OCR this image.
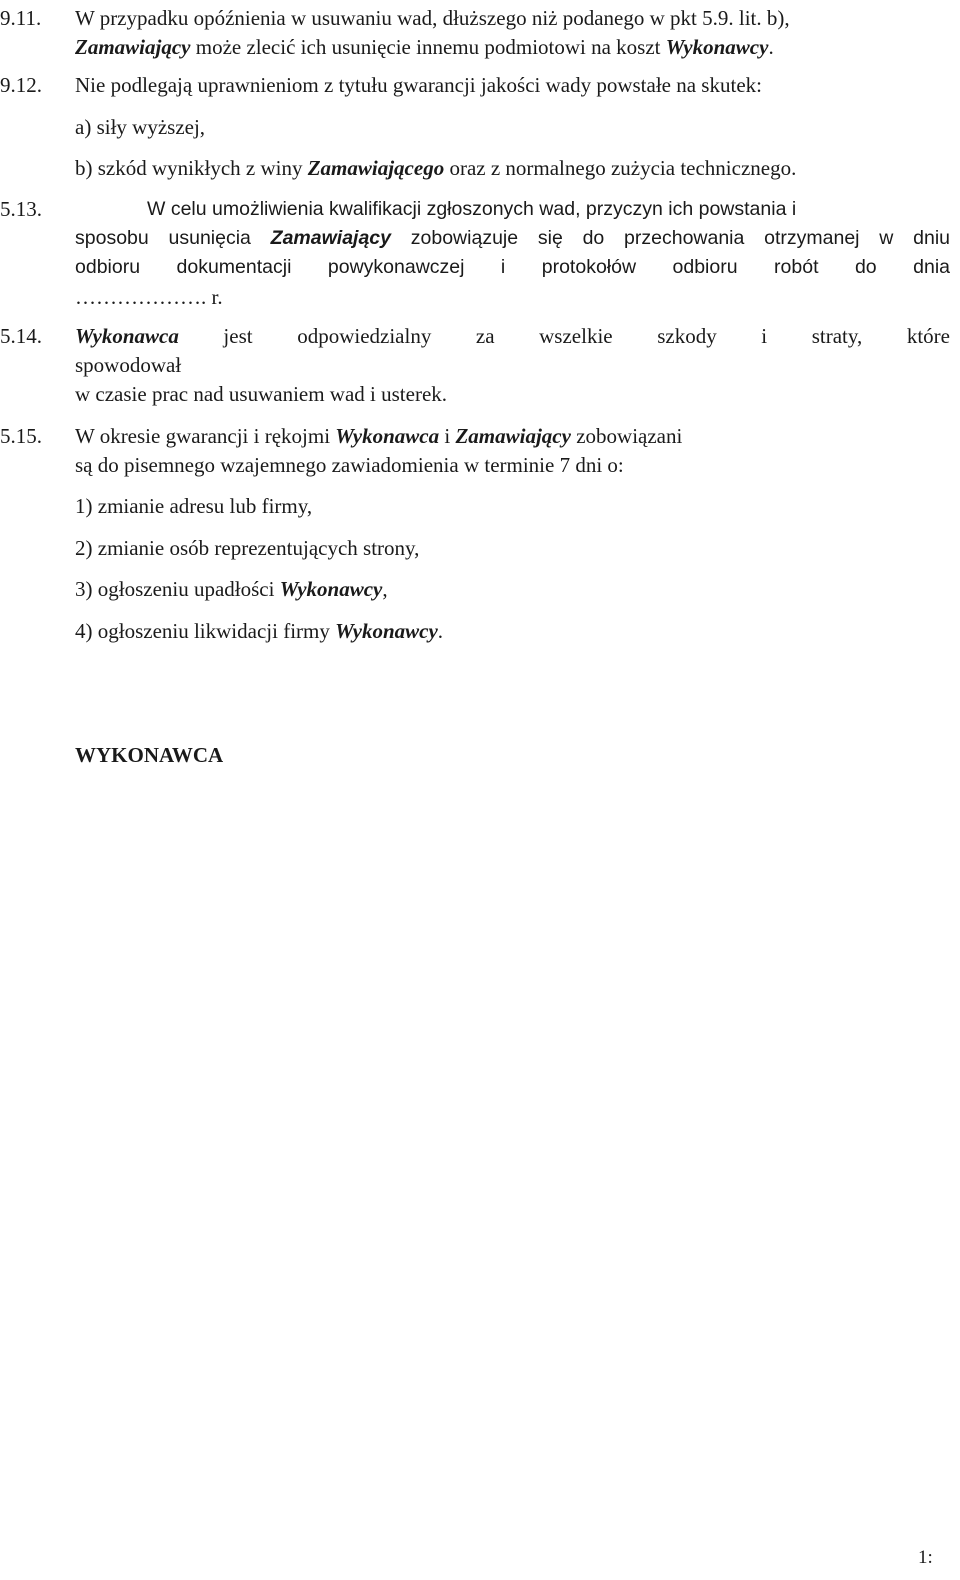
9.11. W przypadku opóźnienia w usuwaniu wad, dłuższego niż podanego w pkt 5.9. lit. b),
Zamawiający może zlecić ich usunięcie innemu podmiotowi na koszt Wykonawcy.
9.12. Nie podlegają uprawnieniom z tytułu gwarancji jakości wady powstałe na skutek:
a) siły wyższej,
b) szkód wynikłych z winy Zamawiającego oraz z normalnego zużycia technicznego.
5.13.	W celu umożliwienia kwalifikacji zgłoszonych wad, przyczyn ich powstania i
sposobu usunięcia Zamawiający zobowiązuje się do przechowania otrzymanej w dniu
odbioru dokumentacji powykonawczej i protokołów odbioru robót do dnia
………………. r.
5.14. Wykonawca jest odpowiedzialny za wszelkie szkody i straty, które
spowodował
w czasie prac nad usuwaniem wad i usterek.
5.15. W okresie gwarancji i rękojmi Wykonawca i Zamawiający zobowiązani
są do pisemnego wzajemnego zawiadomienia w terminie 7 dni o:
1) zmianie adresu lub firmy,
2) zmianie osób reprezentujących strony,
3) ogłoszeniu upadłości Wykonawcy,
4) ogłoszeniu likwidacji firmy Wykonawcy.
WYKONAWCA
1:
